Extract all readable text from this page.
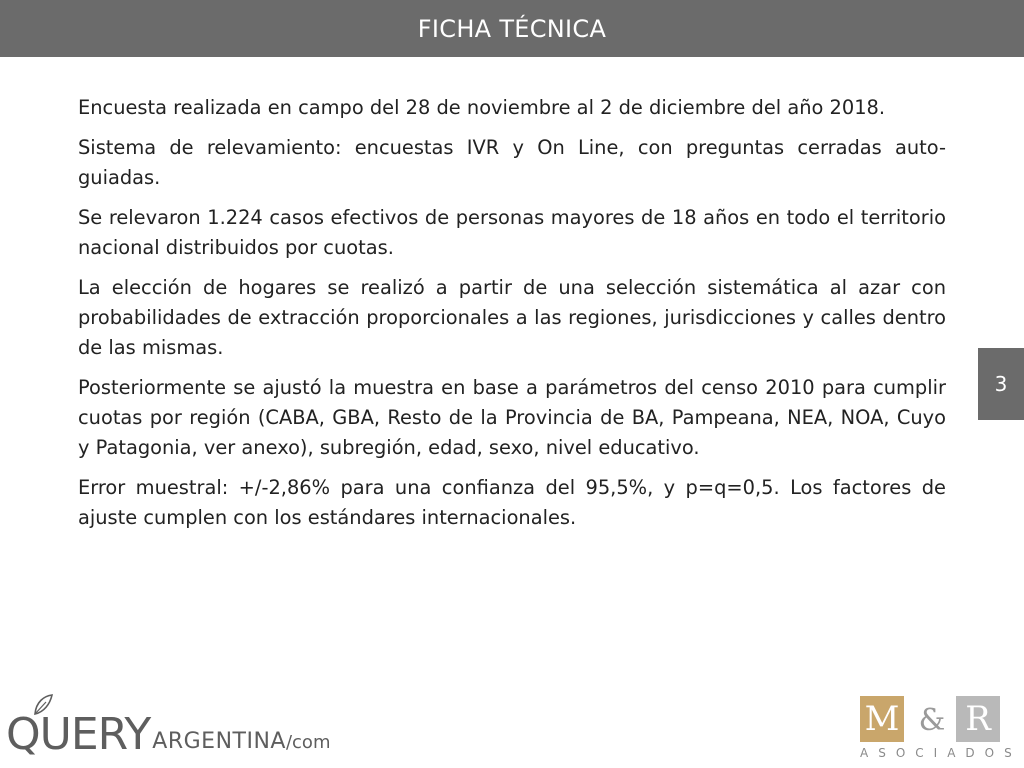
FICHA TÉCNICA

Encuesta realizada en campo del 28 de noviembre al 2 de diciembre del año 2018.

Sistema de relevamiento: encuestas IVR y On Line, con preguntas cerradas auto-guiadas.

Se relevaron 1.224 casos efectivos de personas mayores de 18 años en todo el territorio nacional distribuidos por cuotas.

La elección de hogares se realizó a partir de una selección sistemática al azar con probabilidades de extracción proporcionales a las regiones, jurisdicciones y calles dentro de las mismas.

Posteriormente se ajustó la muestra en base a parámetros del censo 2010 para cumplir cuotas por región (CABA, GBA, Resto de la Provincia de BA, Pampeana, NEA, NOA, Cuyo y Patagonia, ver anexo), subregión, edad, sexo, nivel educativo.

Error muestral: +/-2,86% para una confianza del 95,5%, y p=q=0,5. Los factores de ajuste cumplen con los estándares internacionales.

3
QUERY ARGENTINA/com
M & R
ASOCIADOS
